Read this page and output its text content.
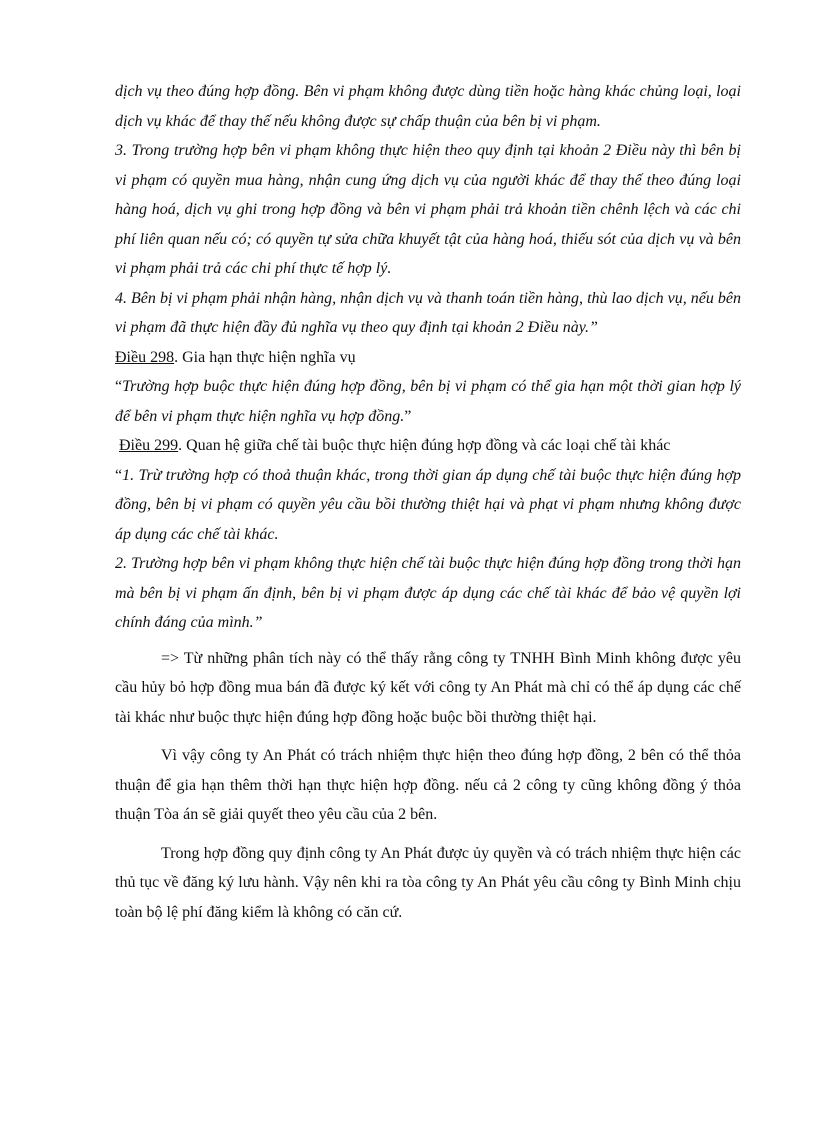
dịch vụ theo đúng hợp đồng. Bên vi phạm không được dùng tiền hoặc hàng khác chủng loại, loại dịch vụ khác để thay thế nếu không được sự chấp thuận của bên bị vi phạm.

3. Trong trường hợp bên vi phạm không thực hiện theo quy định tại khoản 2 Điều này thì bên bị vi phạm có quyền mua hàng, nhận cung ứng dịch vụ của người khác để thay thế theo đúng loại hàng hoá, dịch vụ ghi trong hợp đồng và bên vi phạm phải trả khoản tiền chênh lệch và các chi phí liên quan nếu có; có quyền tự sửa chữa khuyết tật của hàng hoá, thiếu sót của dịch vụ và bên vi phạm phải trả các chi phí thực tế hợp lý.

4. Bên bị vi phạm phải nhận hàng, nhận dịch vụ và thanh toán tiền hàng, thù lao dịch vụ, nếu bên vi phạm đã thực hiện đầy đủ nghĩa vụ theo quy định tại khoản 2 Điều này.”

Điều 298. Gia hạn thực hiện nghĩa vụ

“Trường hợp buộc thực hiện đúng hợp đồng, bên bị vi phạm có thể gia hạn một thời gian hợp lý để bên vi phạm thực hiện nghĩa vụ hợp đồng.”

Điều 299. Quan hệ giữa chế tài buộc thực hiện đúng hợp đồng và các loại chế tài khác

“1. Trừ trường hợp có thoả thuận khác, trong thời gian áp dụng chế tài buộc thực hiện đúng hợp đồng, bên bị vi phạm có quyền yêu cầu bồi thường thiệt hại và phạt vi phạm nhưng không được áp dụng các chế tài khác.

2. Trường hợp bên vi phạm không thực hiện chế tài buộc thực hiện đúng hợp đồng trong thời hạn mà bên bị vi phạm ấn định, bên bị vi phạm được áp dụng các chế tài khác để bảo vệ quyền lợi chính đáng của mình.”

=> Từ những phân tích này có thể thấy rằng công ty TNHH Bình Minh không được yêu cầu hủy bỏ hợp đồng mua bán đã được ký kết với công ty An Phát mà chỉ có thể áp dụng các chế tài khác như buộc thực hiện đúng hợp đồng hoặc buộc bồi thường thiệt hại.

Vì vậy công ty An Phát có trách nhiệm thực hiện theo đúng hợp đồng, 2 bên có thể thỏa thuận để gia hạn thêm thời hạn thực hiện hợp đồng. nếu cả 2 công ty cũng không đồng ý thỏa thuận Tòa án sẽ giải quyết theo yêu cầu của 2 bên.

Trong hợp đồng quy định công ty An Phát được ủy quyền và có trách nhiệm thực hiện các thủ tục về đăng ký lưu hành. Vậy nên khi ra tòa công ty An Phát yêu cầu công ty Bình Minh chịu toàn bộ lệ phí đăng kiểm là không có căn cứ.
